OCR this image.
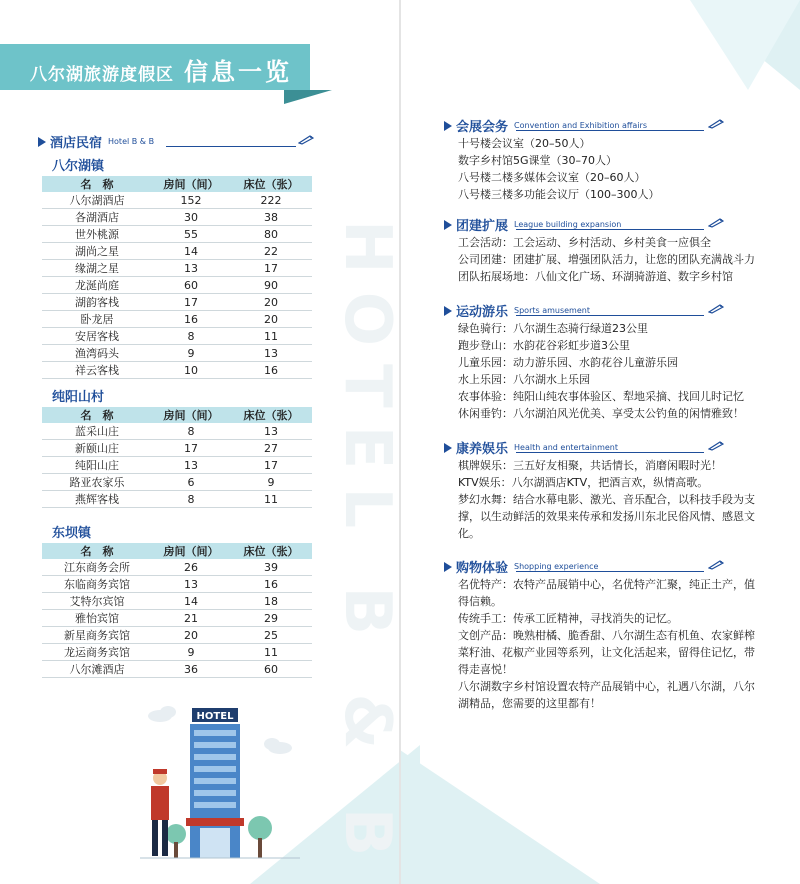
HOTEL B & B
八尔湖旅游度假区 信息一览
酒店民宿 Hotel B & B
八尔湖镇
名　称	房间（间）	床位（张）
八尔湖酒店	152	222
各湖酒店	30	38
世外桃源	55	80
湖尚之星	14	22
缘湖之星	13	17
龙涎尚庭	60	90
湖韵客栈	17	20
卧龙居	16	20
安居客栈	8	11
渔湾码头	9	13
祥云客栈	10	16
纯阳山村
名　称	房间（间）	床位（张）
蓝采山庄	8	13
新颐山庄	17	27
纯阳山庄	13	17
路亚农家乐	6	9
燕辉客栈	8	11
东坝镇
名　称	房间（间）	床位（张）
江东商务会所	26	39
东临商务宾馆	13	16
艾特尔宾馆	14	18
雅怡宾馆	21	29
新星商务宾馆	20	25
龙运商务宾馆	9	11
八尔滩酒店	36	60
HOTEL
会展会务 Convention and Exhibition affairs
十号楼会议室（20–50人）
数字乡村馆5G课堂（30–70人）
八号楼二楼多媒体会议室（20–60人）
八号楼三楼多功能会议厅（100–300人）
团建扩展 League building expansion
工会活动：工会运动、乡村活动、乡村美食一应俱全
公司团建：团建扩展、增强团队活力，让您的团队充满战斗力
团队拓展场地：八仙文化广场、环湖骑游道、数字乡村馆
运动游乐 Sports amusement
绿色骑行：八尔湖生态骑行绿道23公里
跑步登山：水韵花谷彩虹步道3公里
儿童乐园：动力游乐园、水韵花谷儿童游乐园
水上乐园：八尔湖水上乐园
农事体验：纯阳山纯农事体验区、犁地采摘、找回儿时记忆
休闲垂钓：八尔湖泊风光优美、享受太公钓鱼的闲情雅致！
康养娱乐 Health and entertainment
棋牌娱乐：三五好友相聚，共话情长，消磨闲暇时光！
KTV娱乐：八尔湖酒店KTV，把酒言欢，纵情高歌。
梦幻水舞：结合水幕电影、激光、音乐配合，以科技手段为支
撑，以生动鲜活的效果来传承和发扬川东北民俗风情、感恩文
化。
购物体验 Shopping experience
名优特产：农特产品展销中心，名优特产汇聚，纯正土产，值
得信赖。
传统手工：传承工匠精神，寻找消失的记忆。
文创产品：晚熟柑橘、脆香甜、八尔湖生态有机鱼、农家鲜榨
菜籽油、花椒产业园等系列，让文化活起来，留得住记忆，带
得走喜悦！
八尔湖数字乡村馆设置农特产品展销中心，礼遇八尔湖，八尔
湖精品，您需要的这里都有！
